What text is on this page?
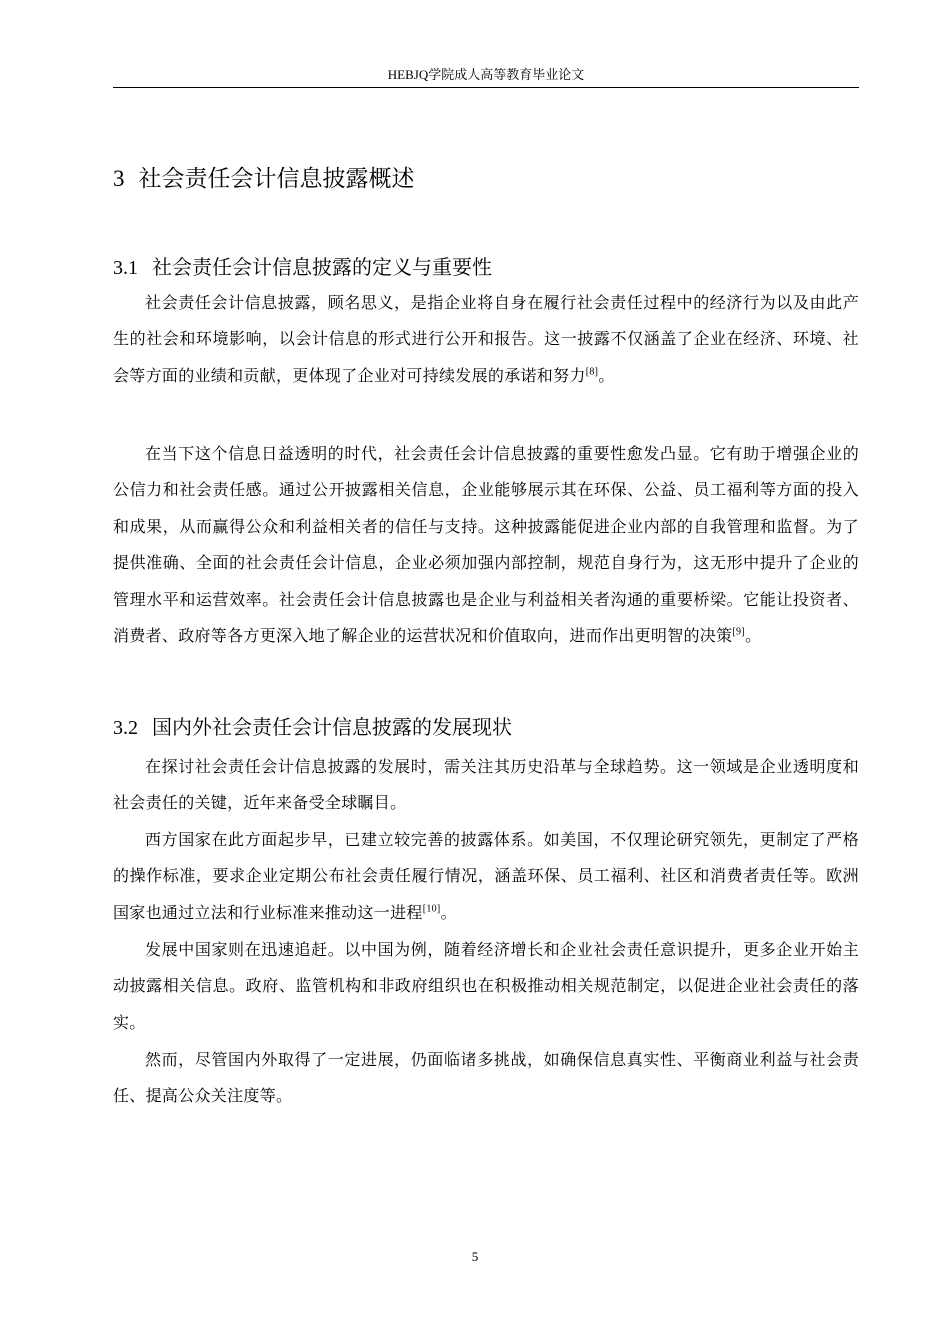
HEBJQ学院成人高等教育毕业论文
3 社会责任会计信息披露概述
3.1 社会责任会计信息披露的定义与重要性

社会责任会计信息披露，顾名思义，是指企业将自身在履行社会责任过程中的经济行为以及由此产生的社会和环境影响，以会计信息的形式进行公开和报告。这一披露不仅涵盖了企业在经济、环境、社会等方面的业绩和贡献，更体现了企业对可持续发展的承诺和努力[8]。

在当下这个信息日益透明的时代，社会责任会计信息披露的重要性愈发凸显。它有助于增强企业的公信力和社会责任感。通过公开披露相关信息，企业能够展示其在环保、公益、员工福利等方面的投入和成果，从而赢得公众和利益相关者的信任与支持。这种披露能促进企业内部的自我管理和监督。为了提供准确、全面的社会责任会计信息，企业必须加强内部控制，规范自身行为，这无形中提升了企业的管理水平和运营效率。社会责任会计信息披露也是企业与利益相关者沟通的重要桥梁。它能让投资者、消费者、政府等各方更深入地了解企业的运营状况和价值取向，进而作出更明智的决策[9]。

3.2 国内外社会责任会计信息披露的发展现状

在探讨社会责任会计信息披露的发展时，需关注其历史沿革与全球趋势。这一领域是企业透明度和社会责任的关键，近年来备受全球瞩目。

西方国家在此方面起步早，已建立较完善的披露体系。如美国，不仅理论研究领先，更制定了严格的操作标准，要求企业定期公布社会责任履行情况，涵盖环保、员工福利、社区和消费者责任等。欧洲国家也通过立法和行业标准来推动这一进程[10]。

发展中国家则在迅速追赶。以中国为例，随着经济增长和企业社会责任意识提升，更多企业开始主动披露相关信息。政府、监管机构和非政府组织也在积极推动相关规范制定，以促进企业社会责任的落实。

然而，尽管国内外取得了一定进展，仍面临诸多挑战，如确保信息真实性、平衡商业利益与社会责任、提高公众关注度等。

5
